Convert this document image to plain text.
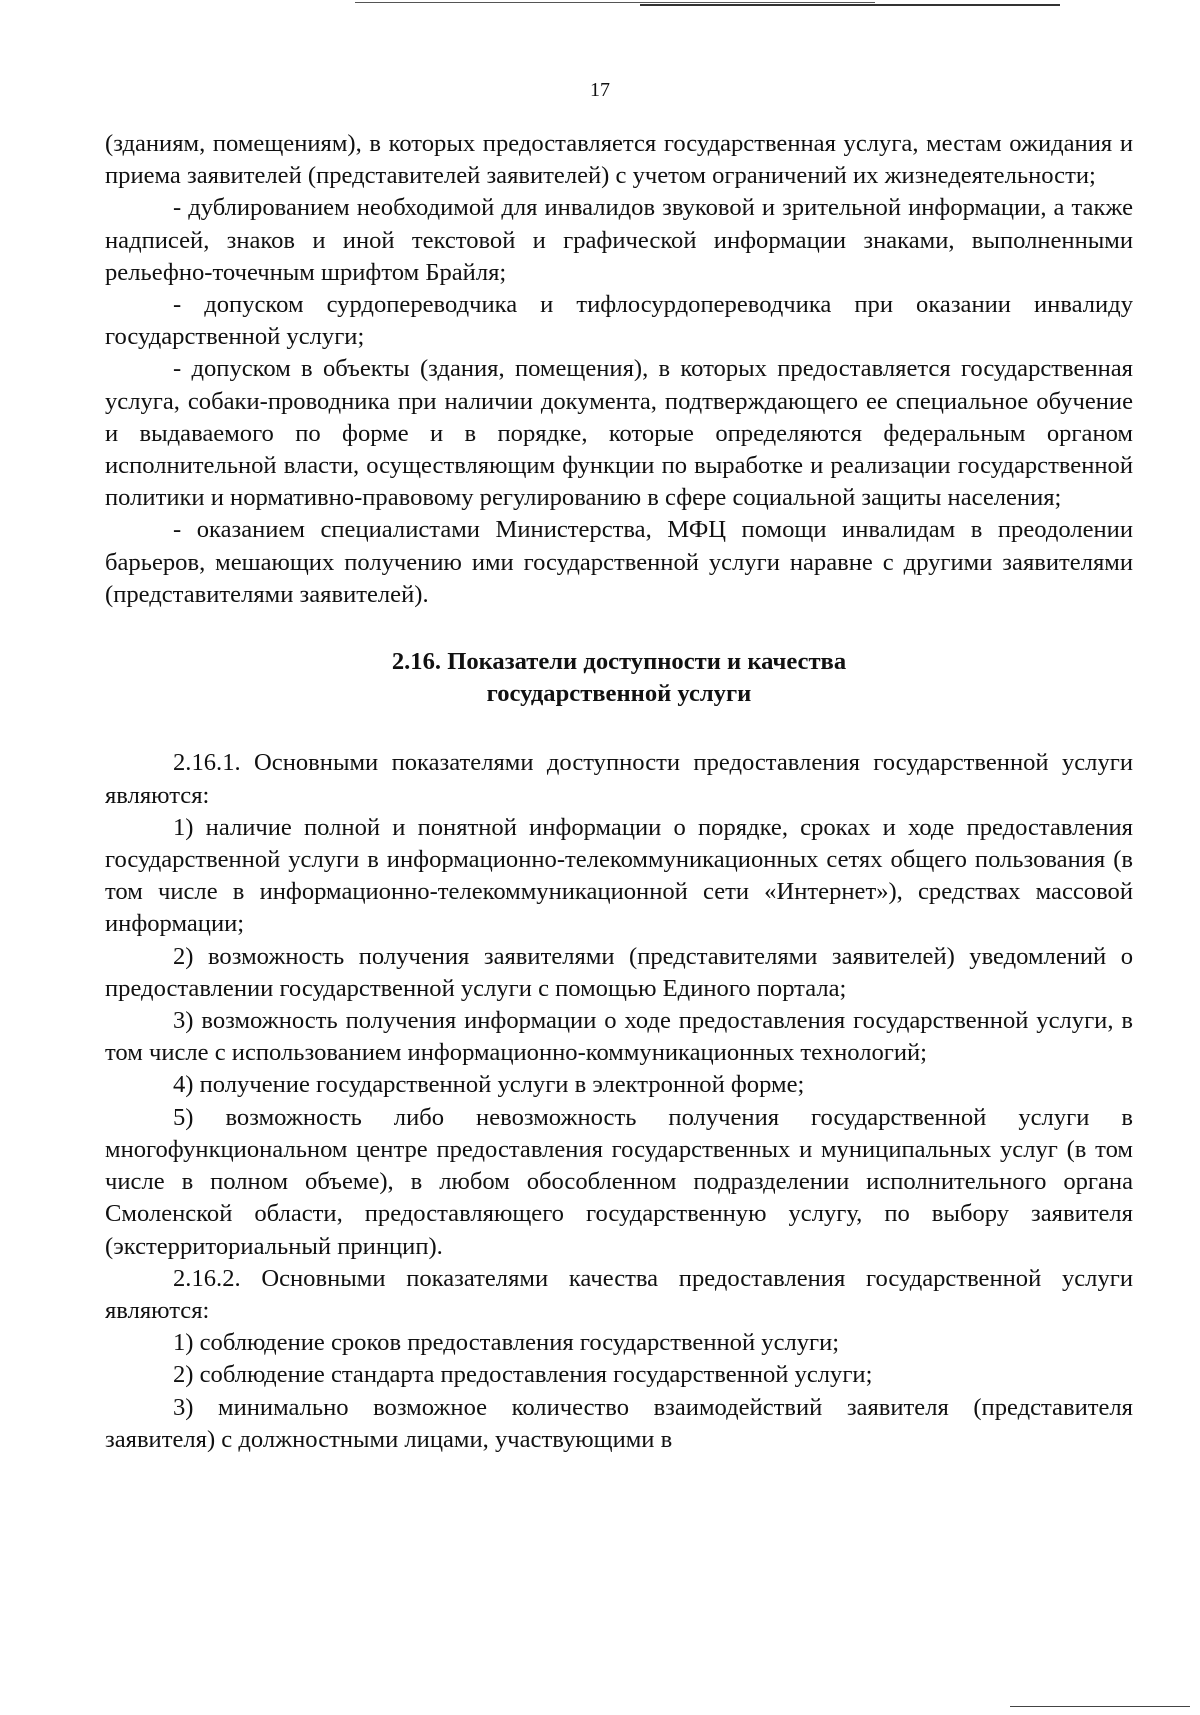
17

(зданиям, помещениям), в которых предоставляется государственная услуга, местам ожидания и приема заявителей (представителей заявителей) с учетом ограничений их жизнедеятельности;

- дублированием необходимой для инвалидов звуковой и зрительной информации, а также надписей, знаков и иной текстовой и графической информации знаками, выполненными рельефно-точечным шрифтом Брайля;

- допуском сурдопереводчика и тифлосурдопереводчика при оказании инвалиду государственной услуги;

- допуском в объекты (здания, помещения), в которых предоставляется государственная услуга, собаки-проводника при наличии документа, подтверждающего ее специальное обучение и выдаваемого по форме и в порядке, которые определяются федеральным органом исполнительной власти, осуществляющим функции по выработке и реализации государственной политики и нормативно-правовому регулированию в сфере социальной защиты населения;

- оказанием специалистами Министерства, МФЦ помощи инвалидам в преодолении барьеров, мешающих получению ими государственной услуги наравне с другими заявителями (представителями заявителей).

2.16. Показатели доступности и качества
государственной услуги

2.16.1. Основными показателями доступности предоставления государственной услуги являются:

1) наличие полной и понятной информации о порядке, сроках и ходе предоставления государственной услуги в информационно-телекоммуникационных сетях общего пользования (в том числе в информационно-телекоммуникационной сети «Интернет»), средствах массовой информации;

2) возможность получения заявителями (представителями заявителей) уведомлений о предоставлении государственной услуги с помощью Единого портала;

3) возможность получения информации о ходе предоставления государственной услуги, в том числе с использованием информационно-коммуникационных технологий;

4) получение государственной услуги в электронной форме;

5) возможность либо невозможность получения государственной услуги в многофункциональном центре предоставления государственных и муниципальных услуг (в том числе в полном объеме), в любом обособленном подразделении исполнительного органа Смоленской области, предоставляющего государственную услугу, по выбору заявителя (экстерриториальный принцип).

2.16.2. Основными показателями качества предоставления государственной услуги являются:

1) соблюдение сроков предоставления государственной услуги;

2) соблюдение стандарта предоставления государственной услуги;

3) минимально возможное количество взаимодействий заявителя (представителя заявителя) с должностными лицами, участвующими в
